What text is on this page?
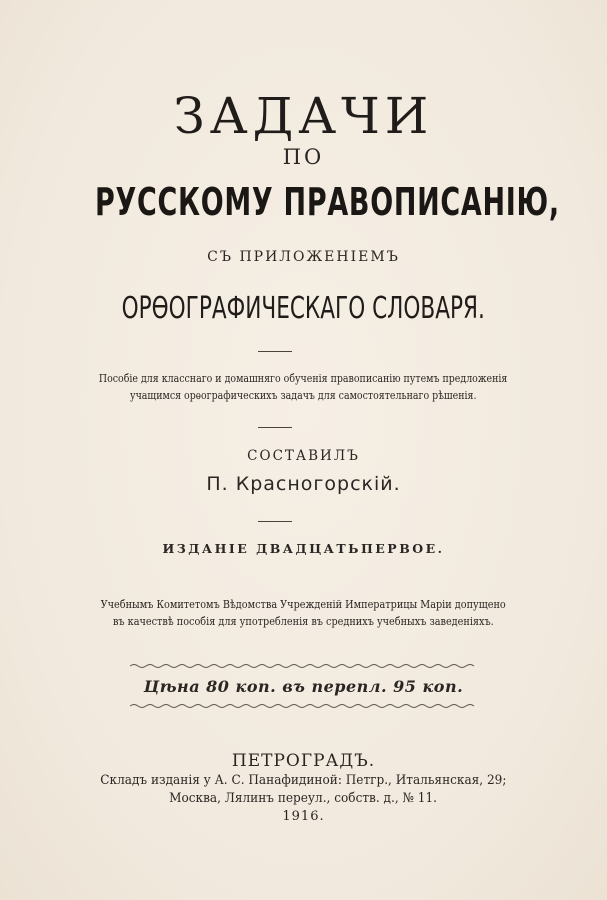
ЗАДАЧИ
ПО
РУССКОМУ ПРАВОПИСАНІЮ,
СЪ ПРИЛОЖЕНІЕМЪ
ОРѲОГРАФИЧЕСКАГО СЛОВАРЯ.
Пособіе для класснаго и домашняго обученія правописанію путемъ предложенія
учащимся орѳографическихъ задачъ для самостоятельнаго рѣшенія.
СОСТАВИЛЪ
П. Красногорскій.
ИЗДАНІЕ ДВАДЦАТЬПЕРВОЕ.
Учебнымъ Комитетомъ Вѣдомства Учрежденій Императрицы Маріи допущено
въ качествѣ пособія для употребленія въ среднихъ учебныхъ заведеніяхъ.
Цѣна 80 коп. въ перепл. 95 коп.
ПЕТРОГРАДЪ.
Складъ изданія у А. С. Панафидиной: Петгр., Итальянская, 29;
Москва, Лялинъ переул., собств. д., № 11.
1916.
